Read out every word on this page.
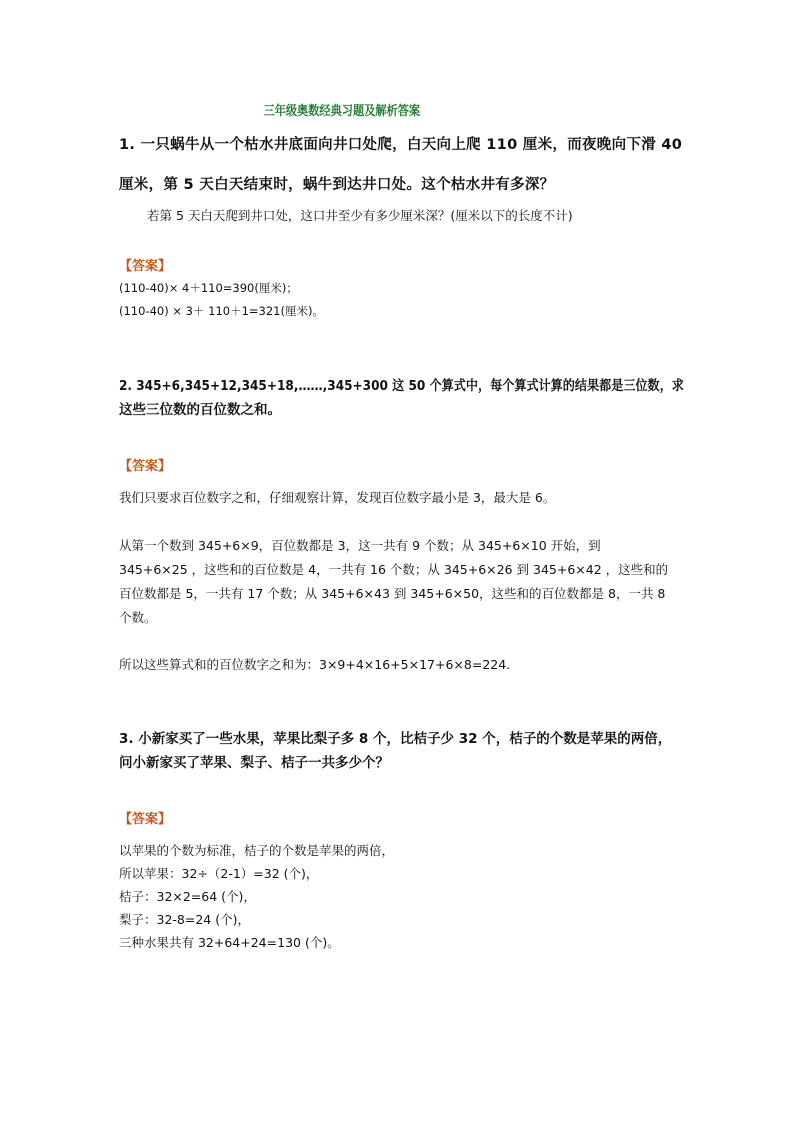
三年级奥数经典习题及解析答案
1. 一只蜗牛从一个枯水井底面向井口处爬，白天向上爬 110 厘米，而夜晚向下滑 40
厘米，第 5 天白天结束时，蜗牛到达井口处。这个枯水井有多深？
若第 5 天白天爬到井口处，这口井至少有多少厘米深？(厘米以下的长度不计)
【答案】
(110-40)× 4＋110=390(厘米)；
(110-40) × 3＋ 110＋1=321(厘米)。
2. 345+6,345+12,345+18,……,345+300 这 50 个算式中，每个算式计算的结果都是三位数，求
这些三位数的百位数之和。
【答案】
我们只要求百位数字之和，仔细观察计算，发现百位数字最小是 3，最大是 6。
从第一个数到 345+6×9，百位数都是 3，这一共有 9 个数；从 345+6×10 开始，到
345+6×25 ，这些和的百位数是 4，一共有 16 个数；从 345+6×26 到 345+6×42 ，这些和的
百位数都是 5，一共有 17 个数；从 345+6×43 到 345+6×50，这些和的百位数都是 8，一共 8
个数。
所以这些算式和的百位数字之和为：3×9+4×16+5×17+6×8=224.
3. 小新家买了一些水果，苹果比梨子多 8 个，比桔子少 32 个，桔子的个数是苹果的两倍，
问小新家买了苹果、梨子、桔子一共多少个？
【答案】
以苹果的个数为标准，桔子的个数是苹果的两倍，
所以苹果：32÷（2-1）=32 (个)，
桔子：32×2=64 (个)，
梨子：32-8=24 (个)，
三种水果共有 32+64+24=130 (个)。
